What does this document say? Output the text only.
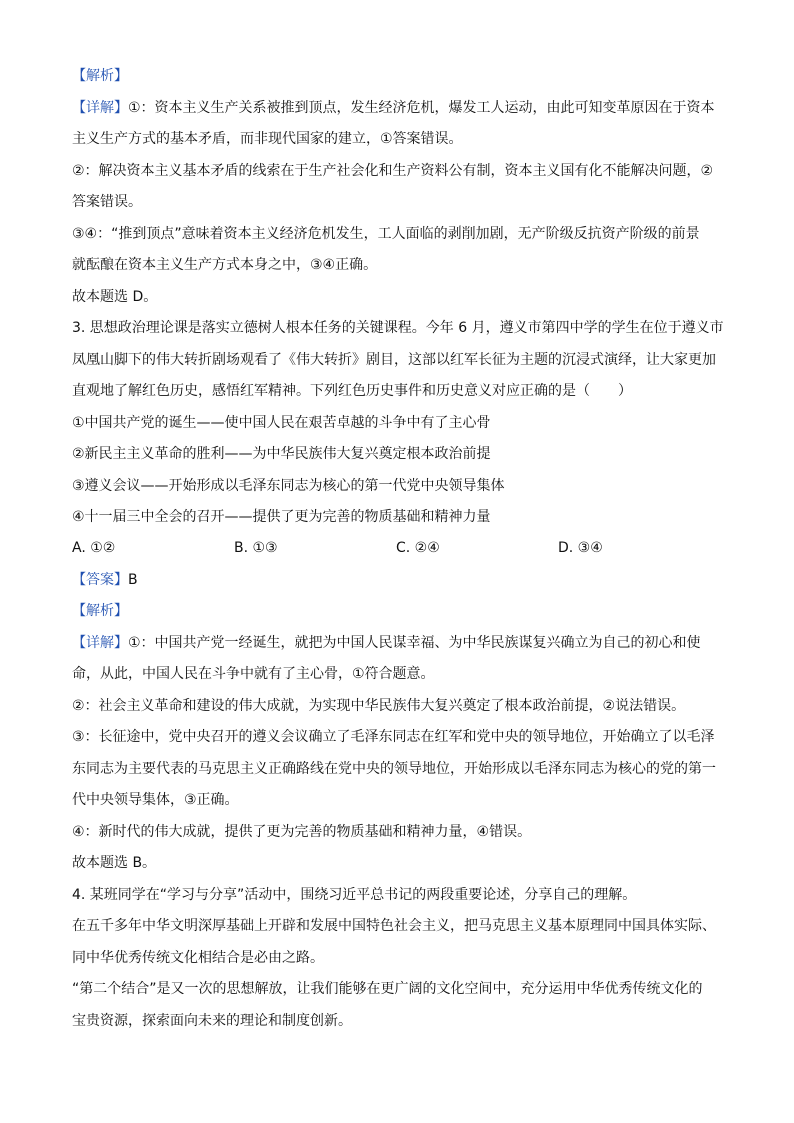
【解析】
【详解】①：资本主义生产关系被推到顶点，发生经济危机，爆发工人运动，由此可知变革原因在于资本
主义生产方式的基本矛盾，而非现代国家的建立，①答案错误。
②：解决资本主义基本矛盾的线索在于生产社会化和生产资料公有制，资本主义国有化不能解决问题，②
答案错误。
③④：“推到顶点”意味着资本主义经济危机发生，工人面临的剥削加剧，无产阶级反抗资产阶级的前景
就酝酿在资本主义生产方式本身之中，③④正确。
故本题选 D。
3. 思想政治理论课是落实立德树人根本任务的关键课程。今年 6 月，遵义市第四中学的学生在位于遵义市
凤凰山脚下的伟大转折剧场观看了《伟大转折》剧目，这部以红军长征为主题的沉浸式演绎，让大家更加
直观地了解红色历史，感悟红军精神。下列红色历史事件和历史意义对应正确的是（　　）
①中国共产党的诞生——使中国人民在艰苦卓越的斗争中有了主心骨
②新民主主义革命的胜利——为中华民族伟大复兴奠定根本政治前提
③遵义会议——开始形成以毛泽东同志为核心的第一代党中央领导集体
④十一届三中全会的召开——提供了更为完善的物质基础和精神力量
A. ①②	B. ①③	C. ②④	D. ③④
【答案】B
【解析】
【详解】①：中国共产党一经诞生，就把为中国人民谋幸福、为中华民族谋复兴确立为自己的初心和使
命，从此，中国人民在斗争中就有了主心骨，①符合题意。
②：社会主义革命和建设的伟大成就，为实现中华民族伟大复兴奠定了根本政治前提，②说法错误。
③：长征途中，党中央召开的遵义会议确立了毛泽东同志在红军和党中央的领导地位，开始确立了以毛泽
东同志为主要代表的马克思主义正确路线在党中央的领导地位，开始形成以毛泽东同志为核心的党的第一
代中央领导集体，③正确。
④：新时代的伟大成就，提供了更为完善的物质基础和精神力量，④错误。
故本题选 B。
4. 某班同学在“学习与分享”活动中，围绕习近平总书记的两段重要论述，分享自己的理解。
在五千多年中华文明深厚基础上开辟和发展中国特色社会主义，把马克思主义基本原理同中国具体实际、
同中华优秀传统文化相结合是必由之路。
“第二个结合”是又一次的思想解放，让我们能够在更广阔的文化空间中，充分运用中华优秀传统文化的
宝贵资源，探索面向未来的理论和制度创新。
